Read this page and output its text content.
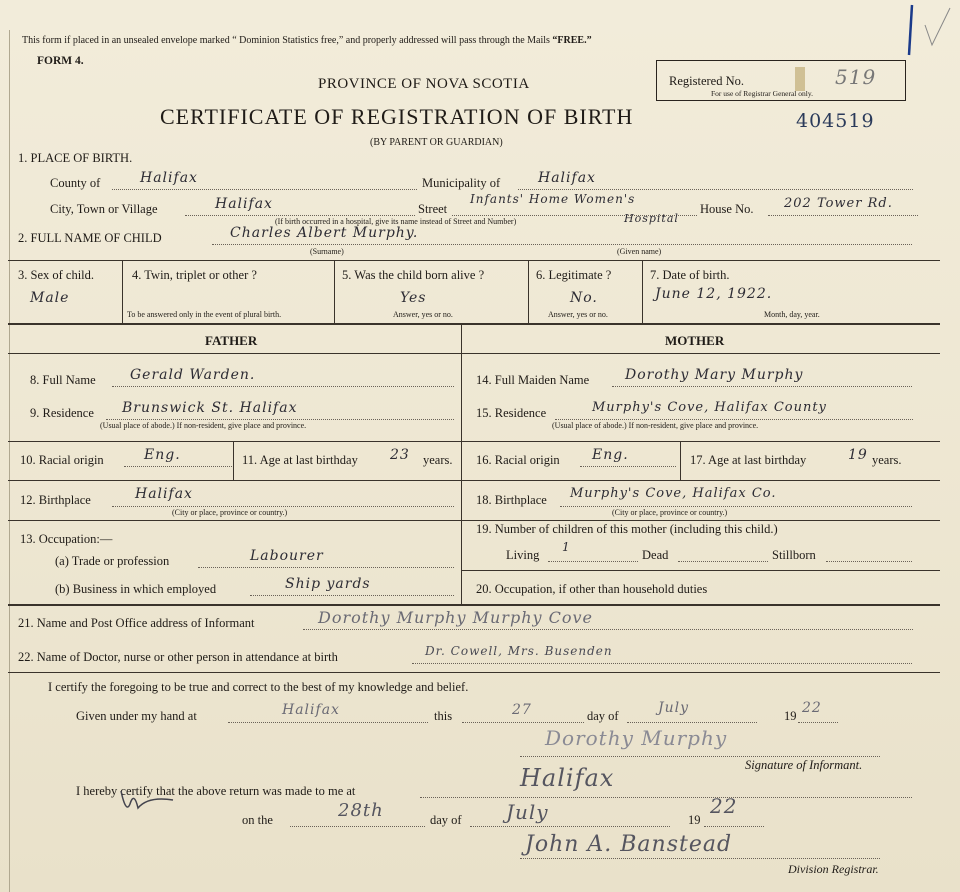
This form if placed in an unsealed envelope marked “ Dominion Statistics free,” and properly addressed will pass through the Mails “FREE.”
FORM 4.
PROVINCE OF NOVA SCOTIA
CERTIFICATE OF REGISTRATION OF BIRTH
(BY PARENT OR GUARDIAN)
Registered No.	519
For use of Registrar General only.
404519
1. PLACE OF BIRTH.
County of	Halifax	Municipality of	Halifax
City, Town or Village	Halifax	Street
Infants' Home Women's
Hospital
(If birth occurred in a hospital, give its name instead of Street and Number)
House No. 202 Tower Rd.
2. FULL NAME OF CHILD	Charles Albert Murphy.
(Surname)	(Given name)
3. Sex of child.
Male
4. Twin, triplet or other ?
To be answered only in the event of plural birth.
5. Was the child born alive ?
Yes
Answer, yes or no.
6. Legitimate ?
No.
Answer, yes or no.
7. Date of birth.
June 12, 1922.
Month, day, year.
FATHER	MOTHER
8. Full Name Gerald Warden.
9. Residence Brunswick St. Halifax
(Usual place of abode.) If non-resident, give place and province.
10. Racial origin	Eng.	11. Age at last birthday 23 years.
12. Birthplace	Halifax
(City or place, province or country.)
13. Occupation:—
(a) Trade or profession	Labourer
(b) Business in which employed	Ship yards
14. Full Maiden Name	Dorothy Mary Murphy
15. Residence	Murphy's Cove, Halifax County
(Usual place of abode.) If non-resident, give place and province.
16. Racial origin Eng.	17. Age at last birthday	19 years.
18. Birthplace Murphy's Cove, Halifax Co.
(City or place, province or country.)
19. Number of children of this mother (including this child.)
Living
1
Dead	Stillborn
20. Occupation, if other than household duties
21. Name and Post Office address of Informant	Dorothy Murphy Murphy Cove
22. Name of Doctor, nurse or other person in attendance at birth	Dr. Cowell, Mrs. Busenden
I certify the foregoing to be true and correct to the best of my knowledge and belief.
Given under my hand at	Halifax	this	27	day of	July	19 22
Dorothy Murphy
Signature of Informant.
I hereby certify that the above return was made to me at	Halifax
on the	28th	day of July	19
22
John A. Banstead
Division Registrar.
